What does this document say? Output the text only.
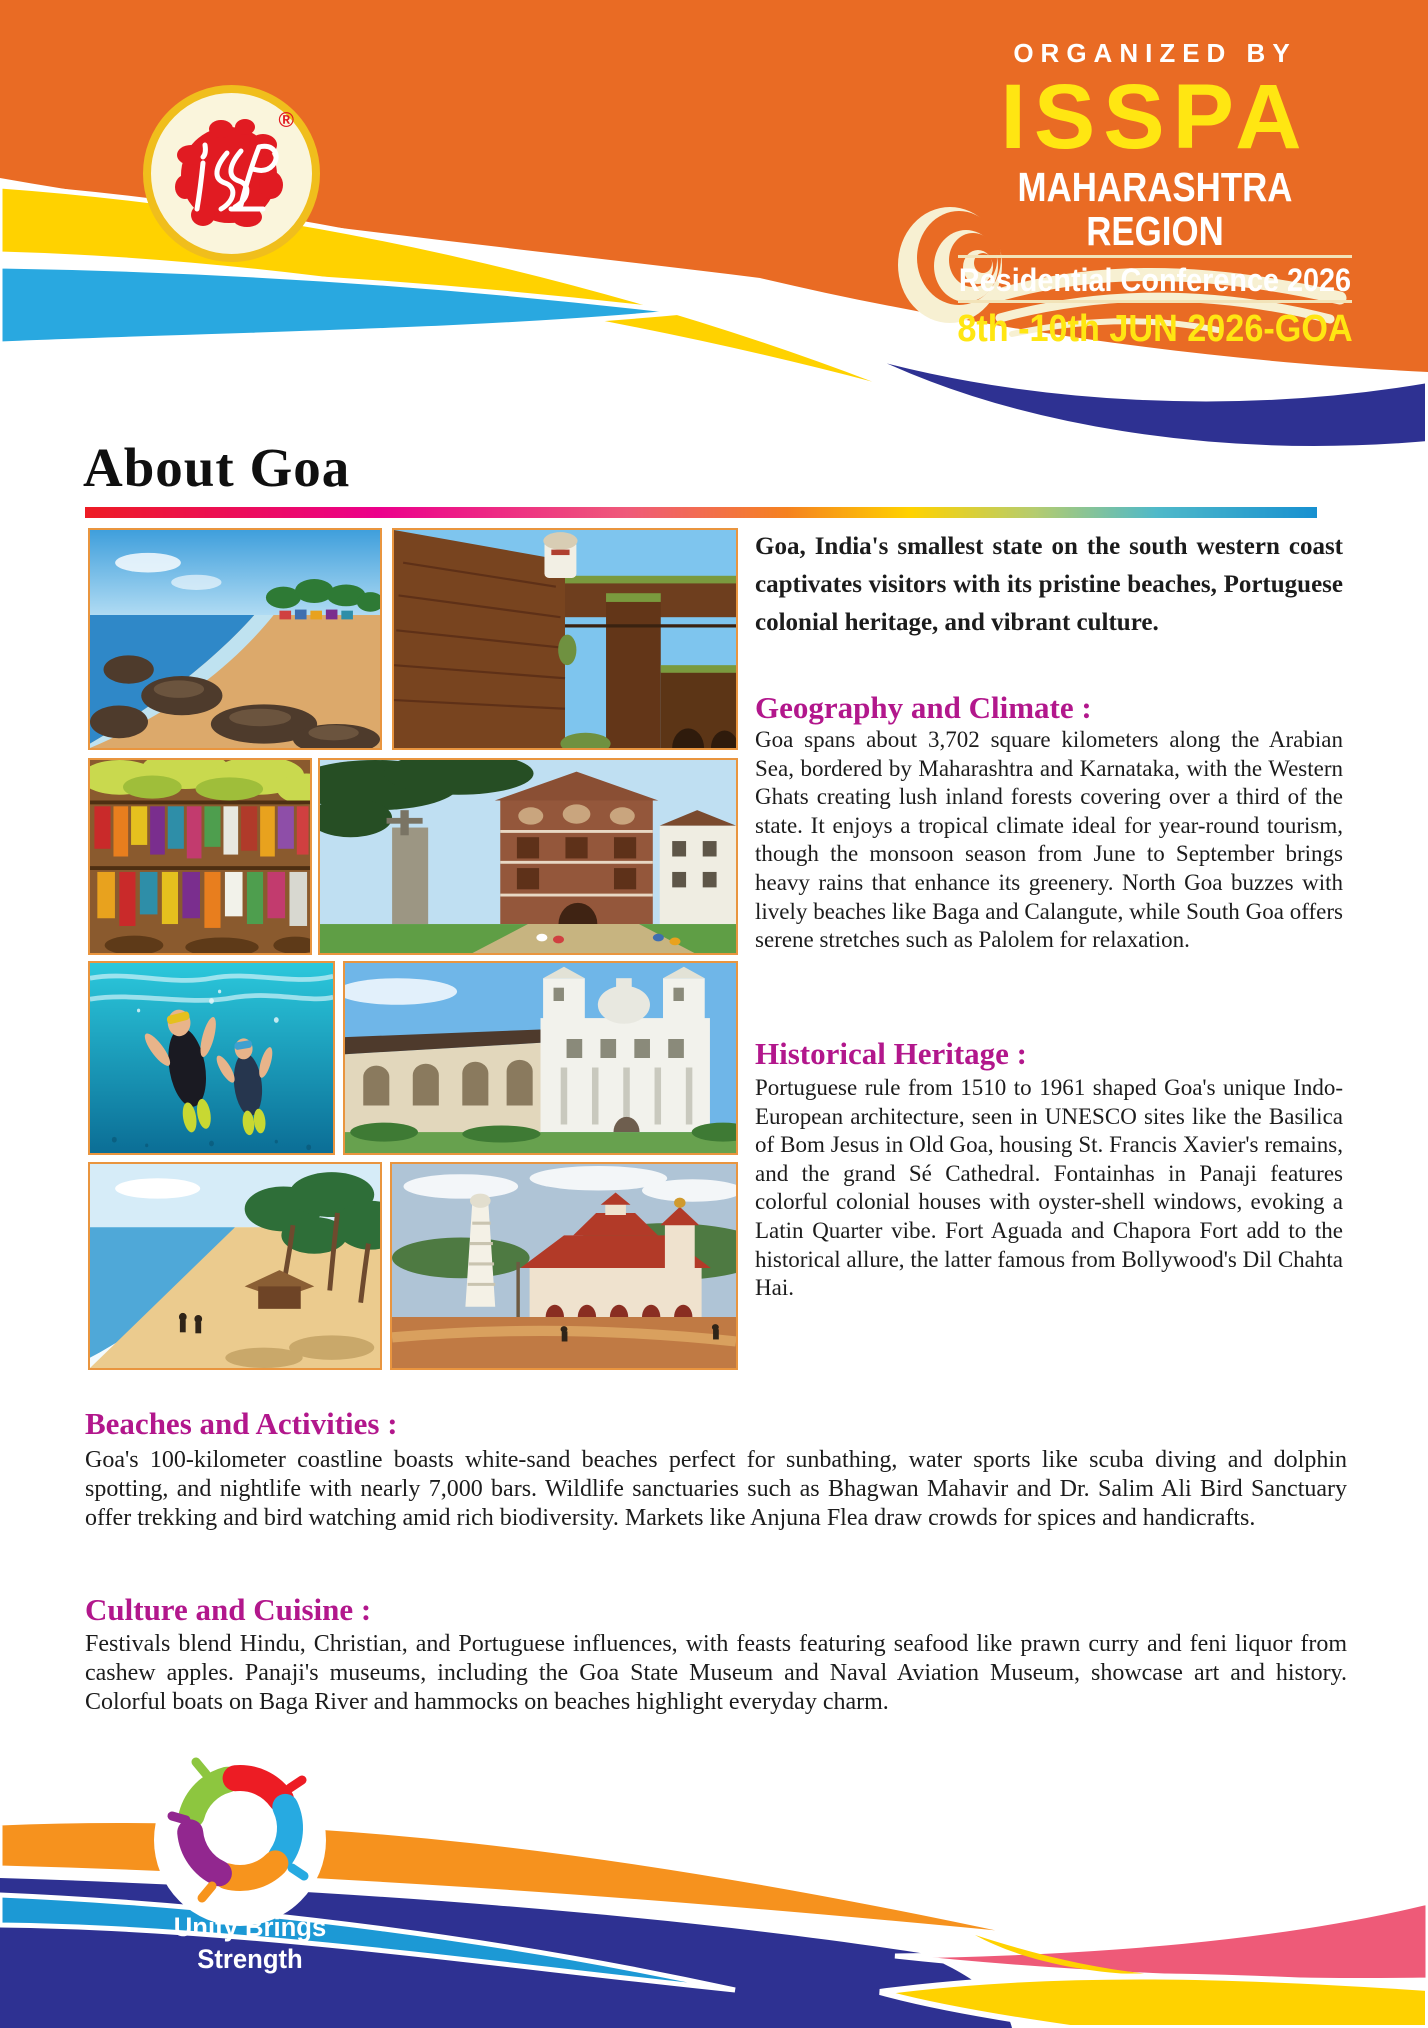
®
ORGANIZED BY
ISSPA
MAHARASHTRA REGION
Residential Conference 2026
8th -10th JUN 2026-GOA
About Goa
Goa, India's smallest state on the south western coast captivates visitors with its pristine beaches, Portuguese colonial heritage, and vibrant culture.
Geography and Climate :
Goa spans about 3,702 square kilometers along the Arabian Sea, bordered by Maharashtra and Karnataka, with the Western Ghats creating lush inland forests covering over a third of the state. It enjoys a tropical climate ideal for year-round tourism, though the monsoon season from June to September brings heavy rains that enhance its greenery. North Goa buzzes with lively beaches like Baga and Calangute, while South Goa offers serene stretches such as Palolem for relaxation.
Historical Heritage :
Portuguese rule from 1510 to 1961 shaped Goa's unique Indo-European architecture, seen in UNESCO sites like the Basilica of Bom Jesus in Old Goa, housing St. Francis Xavier's remains, and the grand Sé Cathedral. Fontainhas in Panaji features colorful colonial houses with oyster-shell windows, evoking a Latin Quarter vibe. Fort Aguada and Chapora Fort add to the historical allure, the latter famous from Bollywood's Dil Chahta Hai.
Beaches and Activities :
Goa's 100-kilometer coastline boasts white-sand beaches perfect for sunbathing, water sports like scuba diving and dolphin spotting, and nightlife with nearly 7,000 bars. Wildlife sanctuaries such as Bhagwan Mahavir and Dr. Salim Ali Bird Sanctuary offer trekking and bird watching amid rich biodiversity. Markets like Anjuna Flea draw crowds for spices and handicrafts.
Culture and Cuisine :
Festivals blend Hindu, Christian, and Portuguese influences, with feasts featuring seafood like prawn curry and feni liquor from cashew apples. Panaji's museums, including the Goa State Museum and Naval Aviation Museum, showcase art and history. Colorful boats on Baga River and hammocks on beaches highlight everyday charm.
Unity Brings
Strength
